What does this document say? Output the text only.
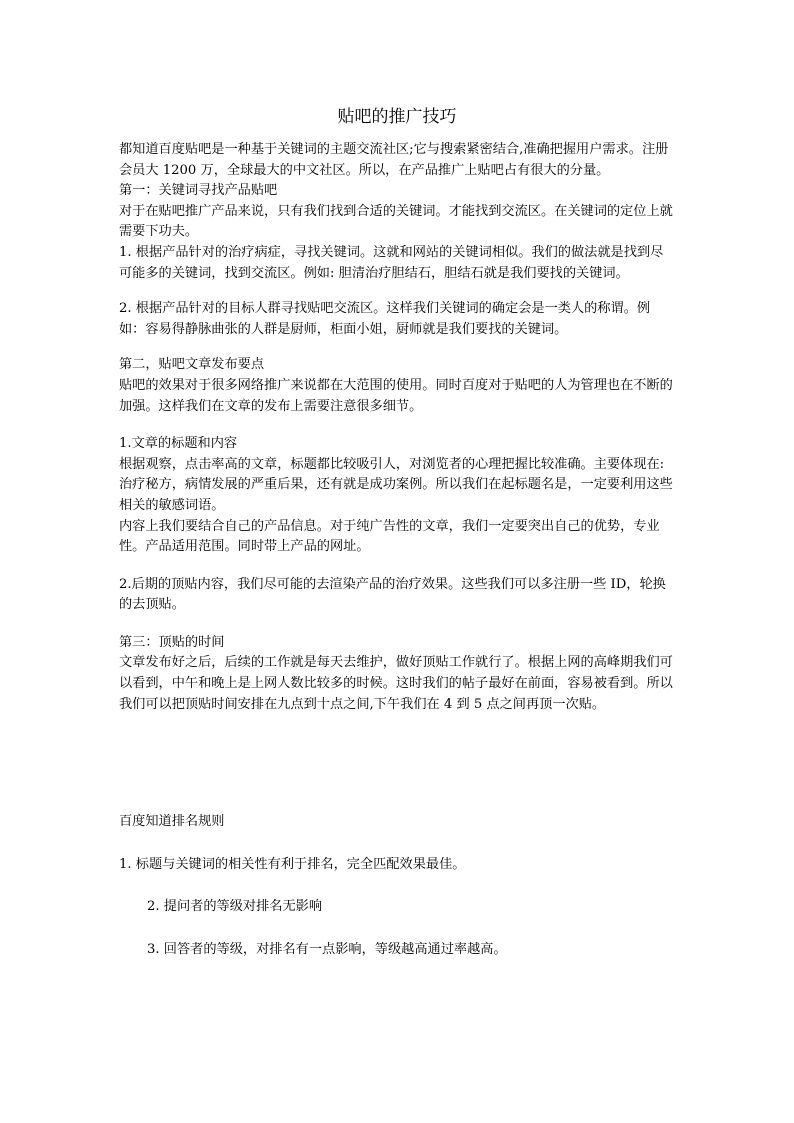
贴吧的推广技巧

都知道百度贴吧是一种基于关键词的主题交流社区;它与搜索紧密结合,准确把握用户需求。注册会员大 1200 万，全球最大的中文社区。所以，在产品推广上贴吧占有很大的分量。

第一：关键词寻找产品贴吧

对于在贴吧推广产品来说，只有我们找到合适的关键词。才能找到交流区。在关键词的定位上就需要下功夫。

1. 根据产品针对的治疗病症，寻找关键词。这就和网站的关键词相似。我们的做法就是找到尽可能多的关键词，找到交流区。例如: 胆清治疗胆结石，胆结石就是我们要找的关键词。

2. 根据产品针对的目标人群寻找贴吧交流区。这样我们关键词的确定会是一类人的称谓。例如：容易得静脉曲张的人群是厨师，柜面小姐，厨师就是我们要找的关键词。

第二，贴吧文章发布要点

贴吧的效果对于很多网络推广来说都在大范围的使用。同时百度对于贴吧的人为管理也在不断的加强。这样我们在文章的发布上需要注意很多细节。

1.文章的标题和内容

根据观察，点击率高的文章，标题都比较吸引人，对浏览者的心理把握比较准确。主要体现在: 治疗秘方，病情发展的严重后果，还有就是成功案例。所以我们在起标题名是，一定要利用这些相关的敏感词语。

内容上我们要结合自己的产品信息。对于纯广告性的文章，我们一定要突出自己的优势，专业性。产品适用范围。同时带上产品的网址。

2.后期的顶贴内容，我们尽可能的去渲染产品的治疗效果。这些我们可以多注册一些 ID，轮换的去顶贴。

第三：顶贴的时间

文章发布好之后，后续的工作就是每天去维护，做好顶贴工作就行了。根据上网的高峰期我们可以看到，中午和晚上是上网人数比较多的时候。这时我们的帖子最好在前面，容易被看到。所以我们可以把顶贴时间安排在九点到十点之间,下午我们在 4 到 5 点之间再顶一次贴。

百度知道排名规则

1. 标题与关键词的相关性有利于排名，完全匹配效果最佳。

2. 提问者的等级对排名无影响

3. 回答者的等级，对排名有一点影响，等级越高通过率越高。
